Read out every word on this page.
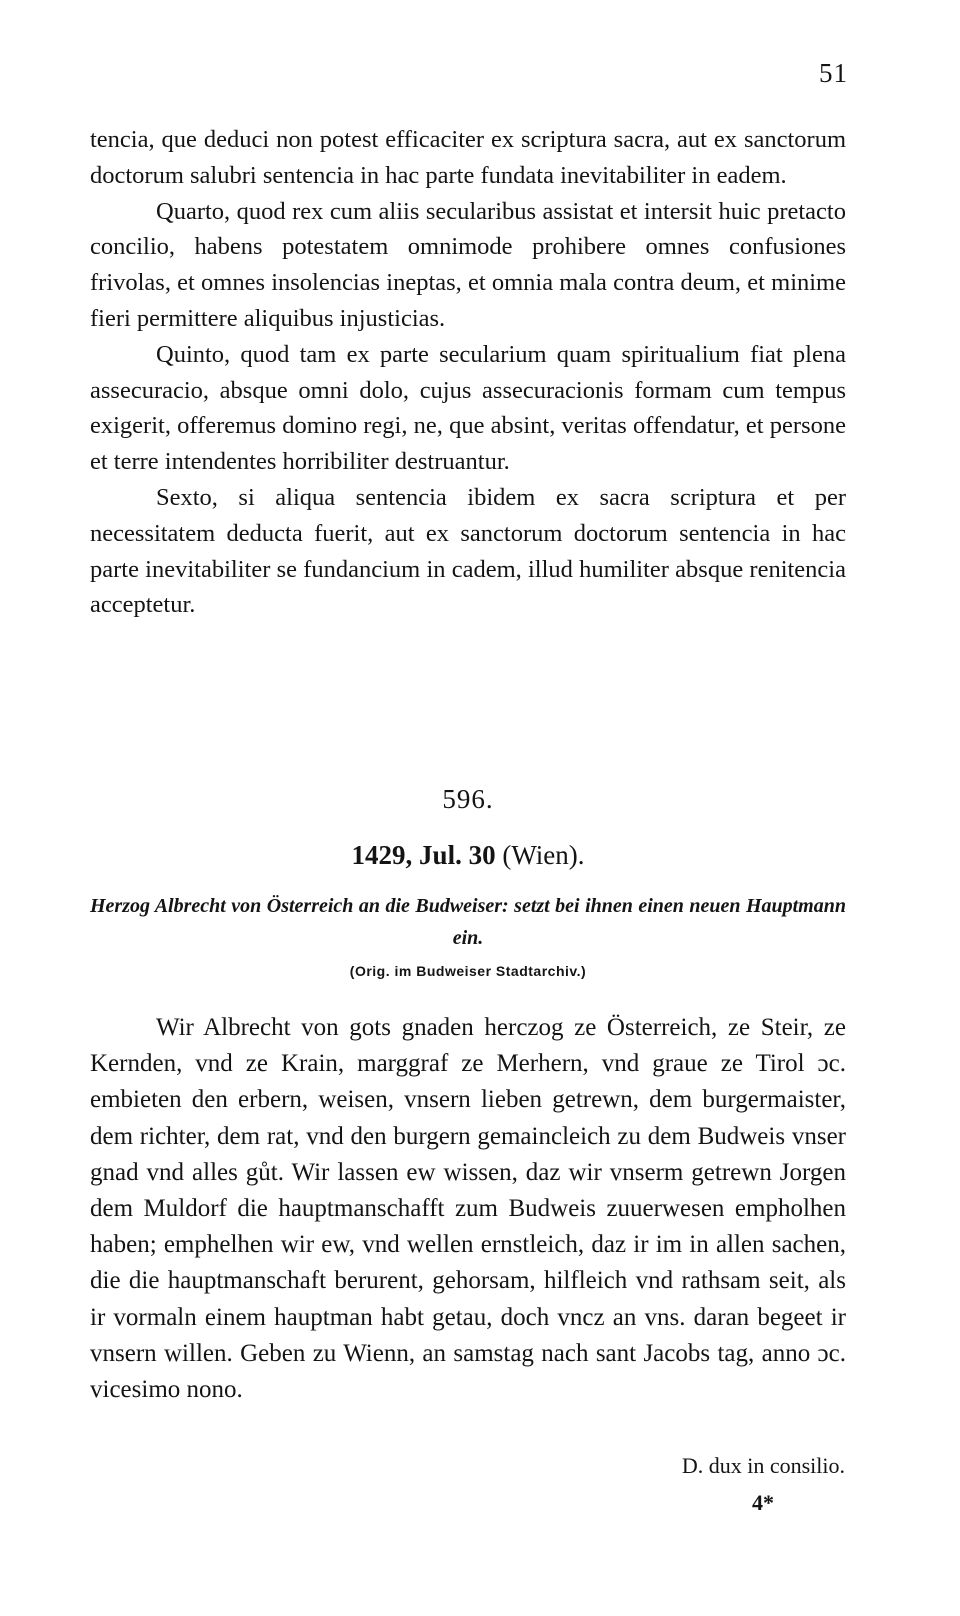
51

tencia, que deduci non potest efficaciter ex scriptura sacra, aut ex sanctorum doctorum salubri sentencia in hac parte fundata inevitabiliter in eadem.

Quarto, quod rex cum aliis secularibus assistat et intersit huic pretacto concilio, habens potestatem omnimode prohibere omnes confusiones frivolas, et omnes insolencias ineptas, et omnia mala contra deum, et minime fieri permittere aliquibus injusticias.

Quinto, quod tam ex parte secularium quam spiritualium fiat plena assecuracio, absque omni dolo, cujus assecuracionis formam cum tempus exigerit, offeremus domino regi, ne, que absint, veritas offendatur, et persone et terre intendentes horribiliter destruantur.

Sexto, si aliqua sentencia ibidem ex sacra scriptura et per necessitatem deducta fuerit, aut ex sanctorum doctorum sentencia in hac parte inevitabiliter se fundancium in cadem, illud humiliter absque renitencia acceptetur.

596.
1429, Jul. 30 (Wien).
Herzog Albrecht von Österreich an die Budweiser: setzt bei ihnen einen neuen Hauptmann ein.
(Orig. im Budweiser Stadtarchiv.)

Wir Albrecht von gots gnaden herczog ze Österreich, ze Steir, ze Kernden, vnd ze Krain, marggraf ze Merhern, vnd graue ze Tirol ɔc. embieten den erbern, weisen, vnsern lieben getrewn, dem burgermaister, dem richter, dem rat, vnd den burgern gemaincleich zu dem Budweis vnser gnad vnd alles gůt. Wir lassen ew wissen, daz wir vnserm getrewn Jorgen dem Muldorf die hauptmanschafft zum Budweis zuuerwesen empholhen haben; emphelhen wir ew, vnd wellen ernstleich, daz ir im in allen sachen, die die hauptmanschaft berurent, gehorsam, hilfleich vnd rathsam seit, als ir vormaln einem hauptman habt getau, doch vncz an vns. daran begeet ir vnsern willen. Geben zu Wienn, an samstag nach sant Jacobs tag, anno ɔc. vicesimo nono.

D. dux in consilio.
4*
